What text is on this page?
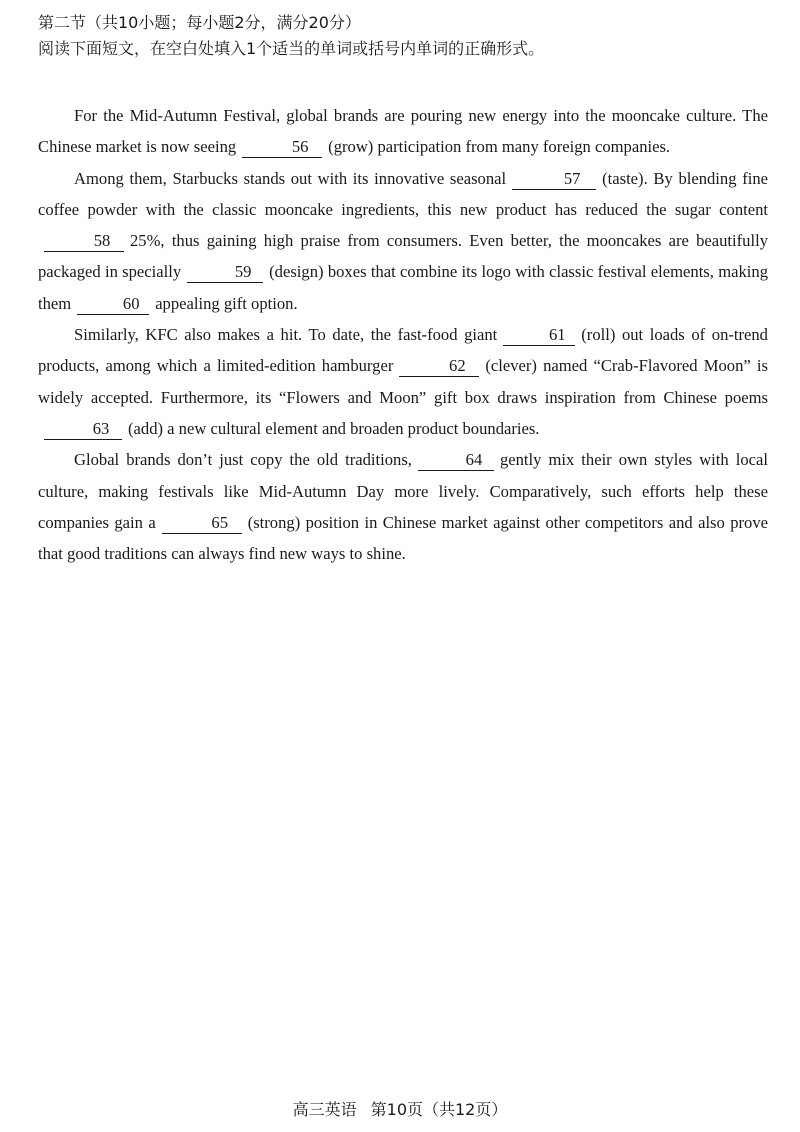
第二节（共10小题；每小题2分，满分20分）
阅读下面短文，在空白处填入1个适当的单词或括号内单词的正确形式。

For the Mid-Autumn Festival, global brands are pouring new energy into the mooncake culture. The Chinese market is now seeing	56 (grow) participation from many foreign companies.

Among them, Starbucks stands out with its innovative seasonal	57 (taste). By blending fine coffee powder with the classic mooncake ingredients, this new product has reduced the sugar content58 25%, thus gaining high praise from consumers. Even better, the mooncakes are beautifully packaged in specially	59 (design) boxes that combine its logo with classic festival elements, making them	60 appealing gift option.

Similarly, KFC also makes a hit. To date, the fast-food giant	61 (roll) out loads of on-trend products, among which a limited-edition hamburger	62 (clever) named “Crab-Flavored Moon” is widely accepted. Furthermore, its “Flowers and Moon” gift box draws inspiration from Chinese poems63 (add) a new cultural element and broaden product boundaries.

Global brands don’t just copy the old traditions,	64 gently mix their own styles with local culture, making festivals like Mid-Autumn Day more lively. Comparatively, such efforts help these companies gain a	65 (strong) position in Chinese market against other competitors and also prove that good traditions can always find new ways to shine.

高三英语 第10页（共12页）
